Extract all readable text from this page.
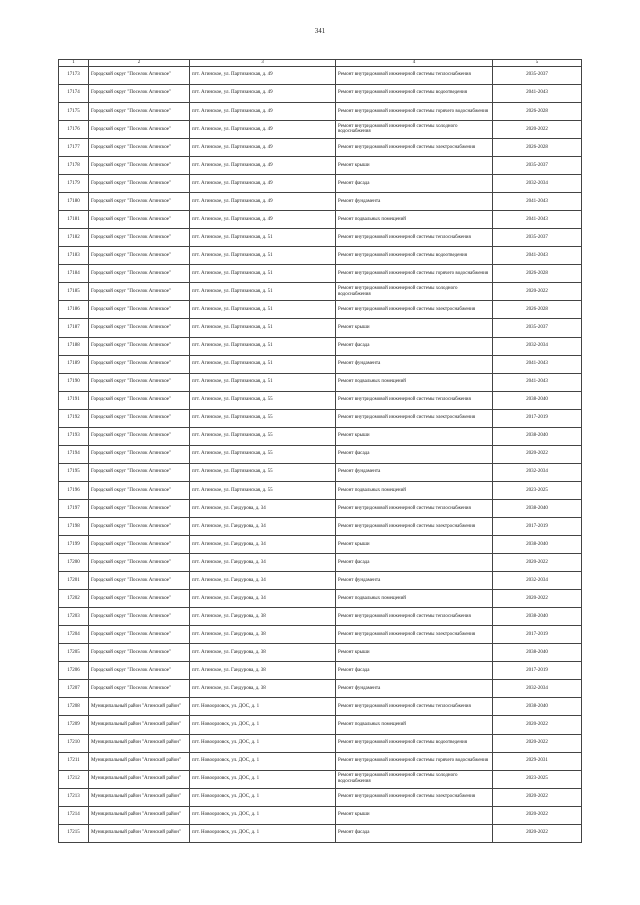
341
1	2	3	4	5
17173	Городской округ "Поселок Агинское"	пгт. Агинское, ул. Партизанская, д. 49	Ремонт внутридомовой инженерной системы теплоснабжения	2035-2037
17174	Городской округ "Поселок Агинское"	пгт. Агинское, ул. Партизанская, д. 49	Ремонт внутридомовой инженерной системы водоотведения	2041-2043
17175	Городской округ "Поселок Агинское"	пгт. Агинское, ул. Партизанская, д. 49	Ремонт внутридомовой инженерной системы горячего водоснабжения	2026-2028
17176	Городской округ "Поселок Агинское"	пгт. Агинское, ул. Партизанская, д. 49	Ремонт внутридомовой инженерной системы холодного водоснабжения	2020-2022
17177	Городской округ "Поселок Агинское"	пгт. Агинское, ул. Партизанская, д. 49	Ремонт внутридомовой инженерной системы электроснабжения	2026-2028
17178	Городской округ "Поселок Агинское"	пгт. Агинское, ул. Партизанская, д. 49	Ремонт крыши	2035-2037
17179	Городской округ "Поселок Агинское"	пгт. Агинское, ул. Партизанская, д. 49	Ремонт фасада	2032-2034
17180	Городской округ "Поселок Агинское"	пгт. Агинское, ул. Партизанская, д. 49	Ремонт фундамента	2041-2043
17181	Городской округ "Поселок Агинское"	пгт. Агинское, ул. Партизанская, д. 49	Ремонт подвальных помещений	2041-2043
17182	Городской округ "Поселок Агинское"	пгт. Агинское, ул. Партизанская, д. 51	Ремонт внутридомовой инженерной системы теплоснабжения	2035-2037
17183	Городской округ "Поселок Агинское"	пгт. Агинское, ул. Партизанская, д. 51	Ремонт внутридомовой инженерной системы водоотведения	2041-2043
17184	Городской округ "Поселок Агинское"	пгт. Агинское, ул. Партизанская, д. 51	Ремонт внутридомовой инженерной системы горячего водоснабжения	2026-2028
17185	Городской округ "Поселок Агинское"	пгт. Агинское, ул. Партизанская, д. 51	Ремонт внутридомовой инженерной системы холодного водоснабжения	2020-2022
17186	Городской округ "Поселок Агинское"	пгт. Агинское, ул. Партизанская, д. 51	Ремонт внутридомовой инженерной системы электроснабжения	2026-2028
17187	Городской округ "Поселок Агинское"	пгт. Агинское, ул. Партизанская, д. 51	Ремонт крыши	2035-2037
17188	Городской округ "Поселок Агинское"	пгт. Агинское, ул. Партизанская, д. 51	Ремонт фасада	2032-2034
17189	Городской округ "Поселок Агинское"	пгт. Агинское, ул. Партизанская, д. 51	Ремонт фундамента	2041-2043
17190	Городской округ "Поселок Агинское"	пгт. Агинское, ул. Партизанская, д. 51	Ремонт подвальных помещений	2041-2043
17191	Городской округ "Поселок Агинское"	пгт. Агинское, ул. Партизанская, д. 55	Ремонт внутридомовой инженерной системы теплоснабжения	2038-2040
17192	Городской округ "Поселок Агинское"	пгт. Агинское, ул. Партизанская, д. 55	Ремонт внутридомовой инженерной системы электроснабжения	2017-2019
17193	Городской округ "Поселок Агинское"	пгт. Агинское, ул. Партизанская, д. 55	Ремонт крыши	2038-2040
17194	Городской округ "Поселок Агинское"	пгт. Агинское, ул. Партизанская, д. 55	Ремонт фасада	2020-2022
17195	Городской округ "Поселок Агинское"	пгт. Агинское, ул. Партизанская, д. 55	Ремонт фундамента	2032-2034
17196	Городской округ "Поселок Агинское"	пгт. Агинское, ул. Партизанская, д. 55	Ремонт подвальных помещений	2023-2025
17197	Городской округ "Поселок Агинское"	пгт. Агинское, ул. Гандурова, д. 34	Ремонт внутридомовой инженерной системы теплоснабжения	2038-2040
17198	Городской округ "Поселок Агинское"	пгт. Агинское, ул. Гандурова, д. 34	Ремонт внутридомовой инженерной системы электроснабжения	2017-2019
17199	Городской округ "Поселок Агинское"	пгт. Агинское, ул. Гандурова, д. 34	Ремонт крыши	2038-2040
17200	Городской округ "Поселок Агинское"	пгт. Агинское, ул. Гандурова, д. 34	Ремонт фасада	2020-2022
17201	Городской округ "Поселок Агинское"	пгт. Агинское, ул. Гандурова, д. 34	Ремонт фундамента	2032-2034
17202	Городской округ "Поселок Агинское"	пгт. Агинское, ул. Гандурова, д. 34	Ремонт подвальных помещений	2020-2022
17203	Городской округ "Поселок Агинское"	пгт. Агинское, ул. Гандурова, д. 38	Ремонт внутридомовой инженерной системы теплоснабжения	2038-2040
17204	Городской округ "Поселок Агинское"	пгт. Агинское, ул. Гандурова, д. 38	Ремонт внутридомовой инженерной системы электроснабжения	2017-2019
17205	Городской округ "Поселок Агинское"	пгт. Агинское, ул. Гандурова, д. 38	Ремонт крыши	2038-2040
17206	Городской округ "Поселок Агинское"	пгт. Агинское, ул. Гандурова, д. 38	Ремонт фасада	2017-2019
17207	Городской округ "Поселок Агинское"	пгт. Агинское, ул. Гандурова, д. 38	Ремонт фундамента	2032-2034
17208	Муниципальный район "Агинский район"	пгт. Новоорловск, ул. ДОС, д. 1	Ремонт внутридомовой инженерной системы теплоснабжения	2038-2040
17209	Муниципальный район "Агинский район"	пгт. Новоорловск, ул. ДОС, д. 1	Ремонт подвальных помещений	2020-2022
17210	Муниципальный район "Агинский район"	пгт. Новоорловск, ул. ДОС, д. 1	Ремонт внутридомовой инженерной системы водоотведения	2020-2022
17211	Муниципальный район "Агинский район"	пгт. Новоорловск, ул. ДОС, д. 1	Ремонт внутридомовой инженерной системы горячего водоснабжения	2029-2031
17212	Муниципальный район "Агинский район"	пгт. Новоорловск, ул. ДОС, д. 1	Ремонт внутридомовой инженерной системы холодного водоснабжения	2023-2025
17213	Муниципальный район "Агинский район"	пгт. Новоорловск, ул. ДОС, д. 1	Ремонт внутридомовой инженерной системы электроснабжения	2020-2022
17214	Муниципальный район "Агинский район"	пгт. Новоорловск, ул. ДОС, д. 1	Ремонт крыши	2020-2022
17215	Муниципальный район "Агинский район"	пгт. Новоорловск, ул. ДОС, д. 1	Ремонт фасада	2020-2022
